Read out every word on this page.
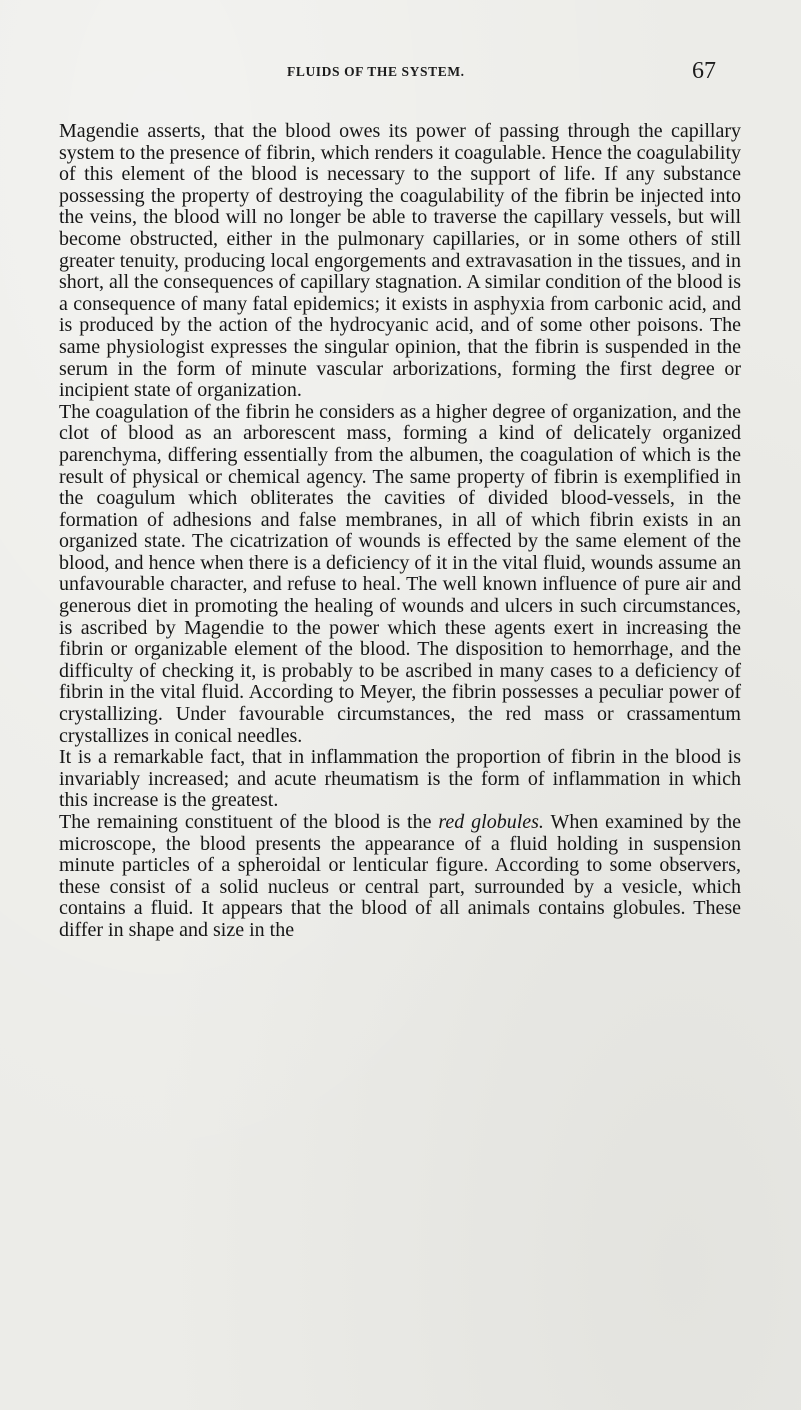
FLUIDS OF THE SYSTEM.	67

Magendie asserts, that the blood owes its power of passing through the capillary system to the presence of fibrin, which renders it coagulable. Hence the coagulability of this element of the blood is necessary to the support of life. If any substance possessing the property of destroying the coagulability of the fibrin be injected into the veins, the blood will no longer be able to traverse the capillary vessels, but will become obstructed, either in the pulmonary capillaries, or in some others of still greater tenuity, producing local engorgements and extravasation in the tissues, and in short, all the consequences of capillary stagnation. A similar condition of the blood is a consequence of many fatal epidemics; it exists in asphyxia from carbonic acid, and is produced by the action of the hydrocyanic acid, and of some other poisons. The same physiologist expresses the singular opinion, that the fibrin is suspended in the serum in the form of minute vascular arborizations, forming the first degree or incipient state of organization.

The coagulation of the fibrin he considers as a higher degree of organization, and the clot of blood as an arborescent mass, forming a kind of delicately organized parenchyma, differing essentially from the albumen, the coagulation of which is the result of physical or chemical agency. The same property of fibrin is exemplified in the coagulum which obliterates the cavities of divided blood-vessels, in the formation of adhesions and false membranes, in all of which fibrin exists in an organized state. The cicatrization of wounds is effected by the same element of the blood, and hence when there is a deficiency of it in the vital fluid, wounds assume an unfavourable character, and refuse to heal. The well known influence of pure air and generous diet in promoting the healing of wounds and ulcers in such circumstances, is ascribed by Magendie to the power which these agents exert in increasing the fibrin or organizable element of the blood. The disposition to hemorrhage, and the difficulty of checking it, is probably to be ascribed in many cases to a deficiency of fibrin in the vital fluid. According to Meyer, the fibrin possesses a peculiar power of crystallizing. Under favourable circumstances, the red mass or crassamentum crystallizes in conical needles.

It is a remarkable fact, that in inflammation the proportion of fibrin in the blood is invariably increased; and acute rheumatism is the form of inflammation in which this increase is the greatest.

The remaining constituent of the blood is the red globules. When examined by the microscope, the blood presents the appearance of a fluid holding in suspension minute particles of a spheroidal or lenticular figure. According to some observers, these consist of a solid nucleus or central part, surrounded by a vesicle, which contains a fluid. It appears that the blood of all animals contains globules. These differ in shape and size in the
